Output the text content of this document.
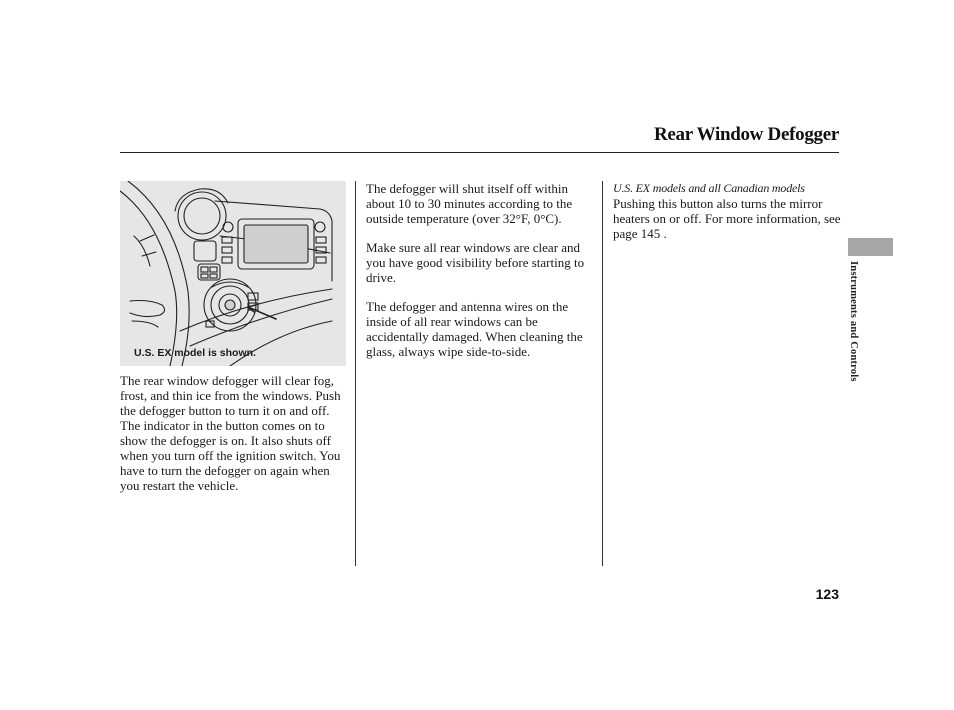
Rear Window Defogger
U.S. EX model is shown.

The rear window defogger will clear fog, frost, and thin ice from the windows. Push the defogger button to turn it on and off. The indicator in the button comes on to show the defogger is on. It also shuts off when you turn off the ignition switch. You have to turn the defogger on again when you restart the vehicle.

The defogger will shut itself off within about 10 to 30 minutes according to the outside temperature (over 32°F, 0°C).

Make sure all rear windows are clear and you have good visibility before starting to drive.

The defogger and antenna wires on the inside of all rear windows can be accidentally damaged. When cleaning the glass, always wipe side-to-side.

U.S. EX models and all Canadian models

Pushing this button also turns the mirror heaters on or off. For more information, see page 145 .

Instruments and Controls
123
